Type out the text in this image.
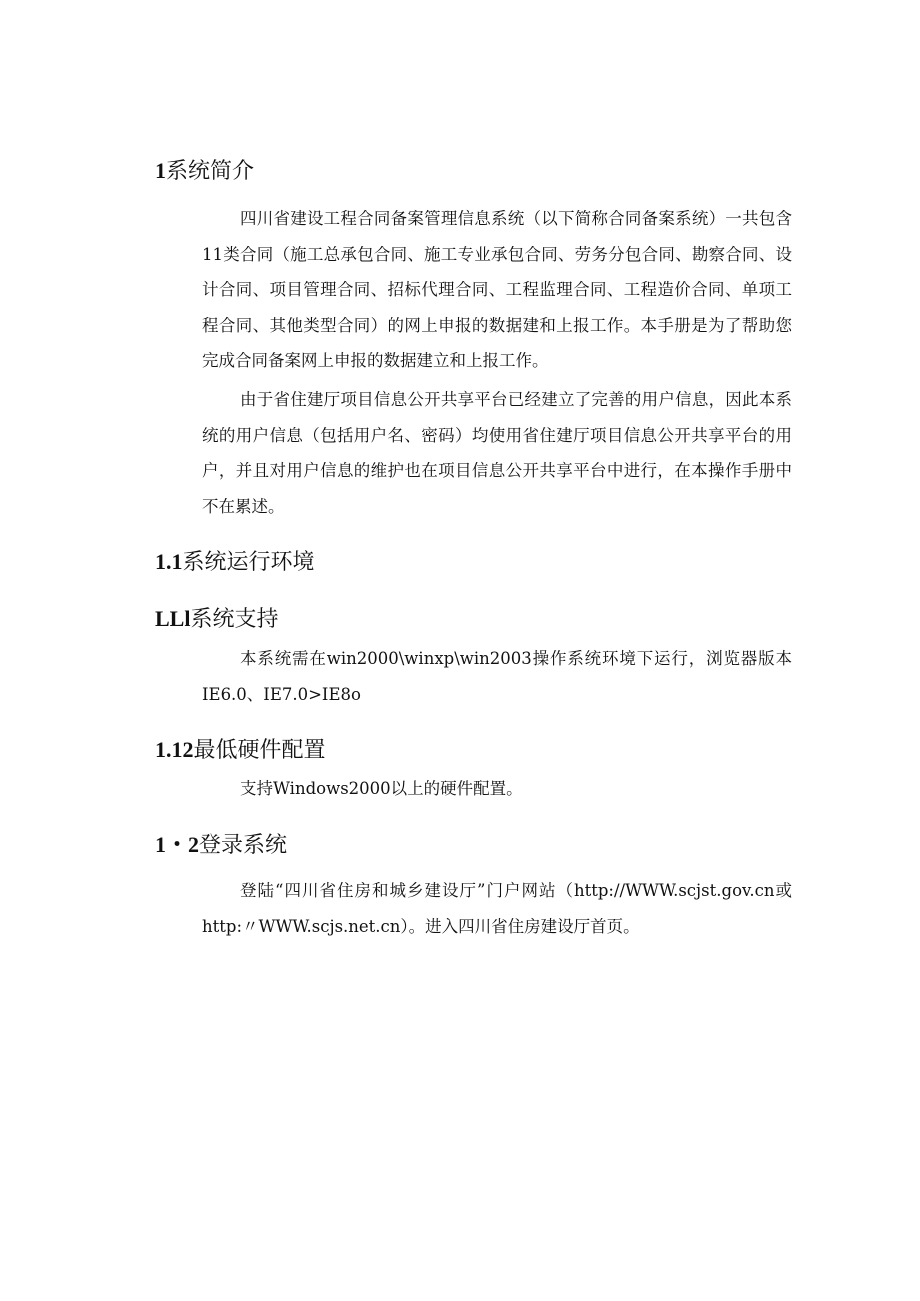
1系统简介

四川省建设工程合同备案管理信息系统（以下简称合同备案系统）一共包含11类合同（施工总承包合同、施工专业承包合同、劳务分包合同、勘察合同、设计合同、项目管理合同、招标代理合同、工程监理合同、工程造价合同、单项工程合同、其他类型合同）的网上申报的数据建和上报工作。本手册是为了帮助您完成合同备案网上申报的数据建立和上报工作。

由于省住建厅项目信息公开共享平台已经建立了完善的用户信息，因此本系统的用户信息（包括用户名、密码）均使用省住建厅项目信息公开共享平台的用户，并且对用户信息的维护也在项目信息公开共享平台中进行，在本操作手册中不在累述。

1.1系统运行环境
LLl系统支持

本系统需在win2000\winxp\win2003操作系统环境下运行，浏览器版本IE6.0、IE7.0>IE8o

1.12最低硬件配置

支持Windows2000以上的硬件配置。

1・2登录系统

登陆“四川省住房和城乡建设厅”门户网站（http://WWW.scjst.gov.cn或http:〃WWW.scjs.net.cn）。进入四川省住房建设厅首页。
